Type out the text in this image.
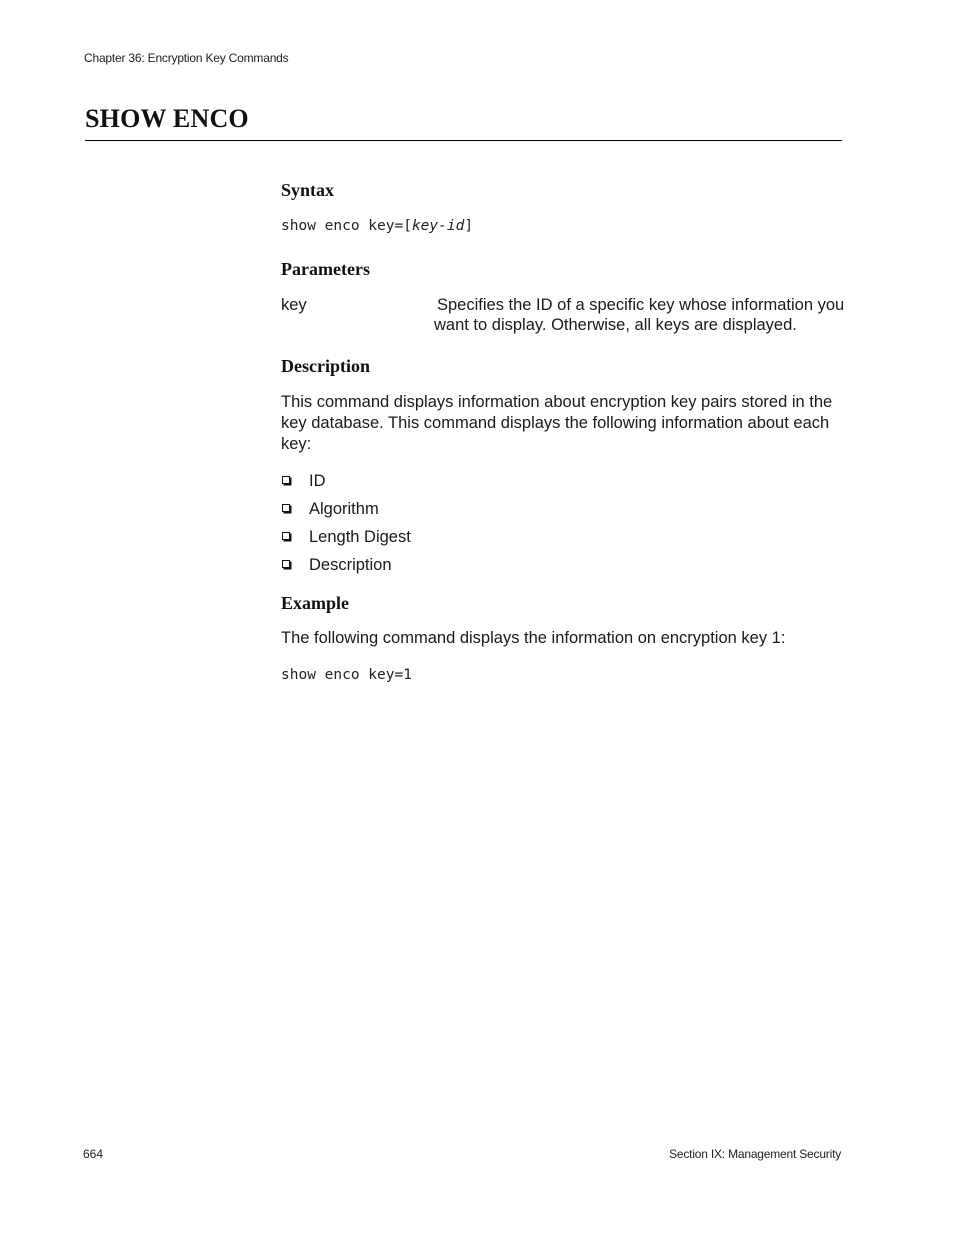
Chapter 36: Encryption Key Commands
SHOW ENCO
Syntax
show enco key=[key-id]
Parameters
key	Specifies the ID of a specific key whose information you want to display. Otherwise, all keys are displayed.
Description

This command displays information about encryption key pairs stored in the key database. This command displays the following information about each key:

ID
Algorithm
Length Digest
Description
Example

The following command displays the information on encryption key 1:

show enco key=1
664	Section IX: Management Security
